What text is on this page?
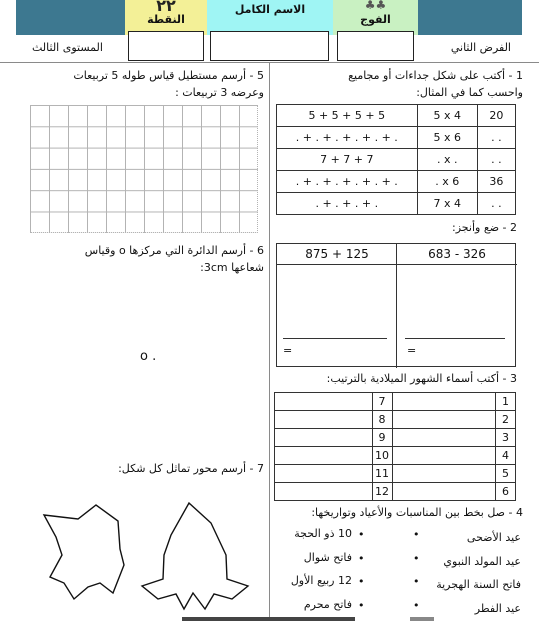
٢٢
النقطة
الاسم الكامل	♣♣
الفوج
الفرض الثاني
المستوى الثالث
1 - أكتب على شكل جداءات أو مجاميع
واحسب كما في المثال:
5 + 5 + 5 + 5	5 x 4	20
. + . + . + . + . + .	5 x 6	. .
7 + 7 + 7	. x .	. .
. + . + . + . + . + .	. x 6	36
. + . + . + .	7 x 4	. .
2 - ضع وأنجز:
875 + 125	683 - 326
=	=
3 - أكتب أسماء الشهور الميلادية بالترتيب:
	7		1
	8		2
	9		3
	10		4
	11		5
	12		6
4 - صل بخط بين المناسبات والأعياد وتواريخها:
عيد الأضحى
•
•
10 ذو الحجة
عيد المولد النبوي
•
•
فاتح شوال
فاتح السنة الهجرية
•
•
12 ربيع الأول
عيد الفطر
•
•
فاتح محرم
5 - أرسم مستطيل قياس طوله 5 تربيعات
وعرضه 3 تربيعات :
6 - أرسم الدائرة التي مركزها o وقياس
شعاعها 3cm:
o .
7 - أرسم محور تماثل كل شكل:
